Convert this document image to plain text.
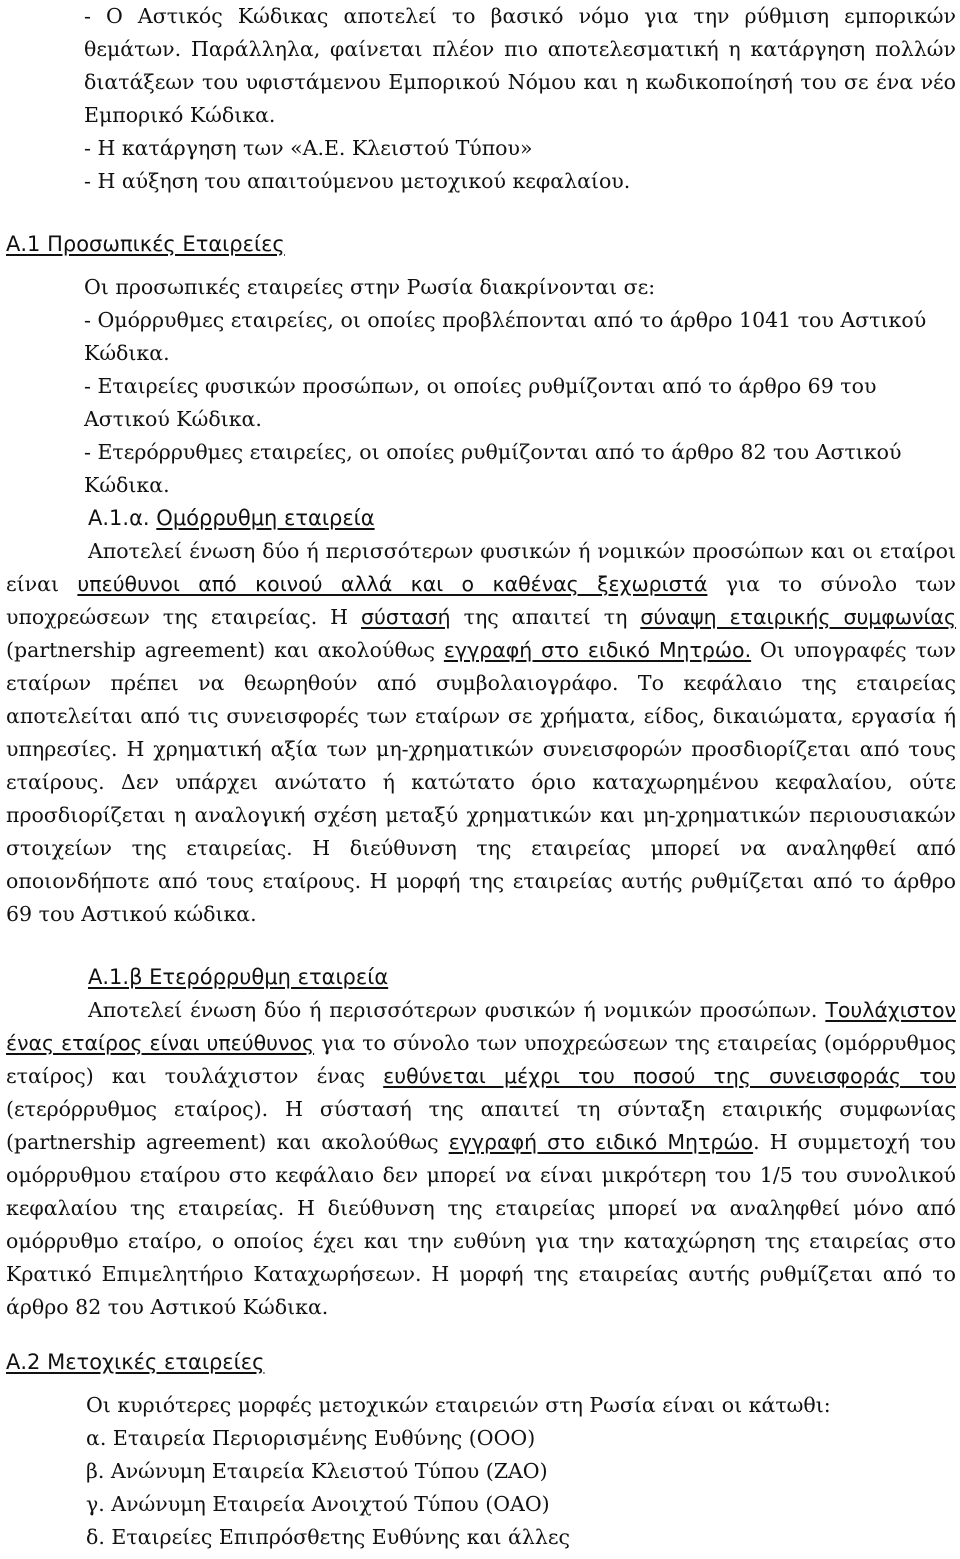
- Ο Αστικός Κώδικας αποτελεί το βασικό νόμο για την ρύθμιση εμπορικών θεμάτων. Παράλληλα, φαίνεται πλέον πιο αποτελεσματική η κατάργηση πολλών διατάξεων του υφιστάμενου Εμπορικού Νόμου και η κωδικοποίησή του σε ένα νέο Εμπορικό Κώδικα.

- Η κατάργηση των «Α.Ε. Κλειστού Τύπου»

- Η αύξηση του απαιτούμενου μετοχικού κεφαλαίου.

Α.1 Προσωπικές Εταιρείες

Οι προσωπικές εταιρείες στην Ρωσία διακρίνονται σε:

- Ομόρρυθμες εταιρείες, οι οποίες προβλέπονται από το άρθρο 1041 του Αστικού Κώδικα.

- Εταιρείες φυσικών προσώπων, οι οποίες ρυθμίζονται από το άρθρο 69 του Αστικού Κώδικα.

- Ετερόρρυθμες εταιρείες, οι οποίες ρυθμίζονται από το άρθρο 82 του Αστικού Κώδικα.

Α.1.α. Ομόρρυθμη εταιρεία

Αποτελεί ένωση δύο ή περισσότερων φυσικών ή νομικών προσώπων και οι εταίροι είναι υπεύθυνοι από κοινού αλλά και ο καθένας ξεχωριστά για το σύνολο των υποχρεώσεων της εταιρείας. Η σύστασή της απαιτεί τη σύναψη εταιρικής συμφωνίας (partnership agreement) και ακολούθως εγγραφή στο ειδικό Μητρώο. Οι υπογραφές των εταίρων πρέπει να θεωρηθούν από συμβολαιογράφο. Το κεφάλαιο της εταιρείας αποτελείται από τις συνεισφορές των εταίρων σε χρήματα, είδος, δικαιώματα, εργασία ή υπηρεσίες. Η χρηματική αξία των μη-χρηματικών συνεισφορών προσδιορίζεται από τους εταίρους. Δεν υπάρχει ανώτατο ή κατώτατο όριο καταχωρημένου κεφαλαίου, ούτε προσδιορίζεται η αναλογική σχέση μεταξύ χρηματικών και μη-χρηματικών περιουσιακών στοιχείων της εταιρείας. Η διεύθυνση της εταιρείας μπορεί να αναληφθεί από οποιονδήποτε από τους εταίρους. Η μορφή της εταιρείας αυτής ρυθμίζεται από το άρθρο 69 του Αστικού κώδικα.

Α.1.β Ετερόρρυθμη εταιρεία

Αποτελεί ένωση δύο ή περισσότερων φυσικών ή νομικών προσώπων. Τουλάχιστον ένας εταίρος είναι υπεύθυνος για το σύνολο των υποχρεώσεων της εταιρείας (ομόρρυθμος εταίρος) και τουλάχιστον ένας ευθύνεται μέχρι του ποσού της συνεισφοράς του (ετερόρρυθμος εταίρος). Η σύστασή της απαιτεί τη σύνταξη εταιρικής συμφωνίας (partnership agreement) και ακολούθως εγγραφή στο ειδικό Μητρώο. Η συμμετοχή του ομόρρυθμου εταίρου στο κεφάλαιο δεν μπορεί να είναι μικρότερη του 1/5 του συνολικού κεφαλαίου της εταιρείας. Η διεύθυνση της εταιρείας μπορεί να αναληφθεί μόνο από ομόρρυθμο εταίρο, ο οποίος έχει και την ευθύνη για την καταχώρηση της εταιρείας στο Κρατικό Επιμελητήριο Καταχωρήσεων. Η μορφή της εταιρείας αυτής ρυθμίζεται από το άρθρο 82 του Αστικού Κώδικα.

Α.2 Μετοχικές εταιρείες

Οι κυριότερες μορφές μετοχικών εταιρειών στη Ρωσία είναι οι κάτωθι:

α. Εταιρεία Περιορισμένης Ευθύνης (ΟΟΟ)

β. Ανώνυμη Εταιρεία Κλειστού Τύπου (ZAO)

γ. Ανώνυμη Εταιρεία Ανοιχτού Τύπου (ΟΑΟ)

δ. Εταιρείες Επιπρόσθετης Ευθύνης και άλλες
